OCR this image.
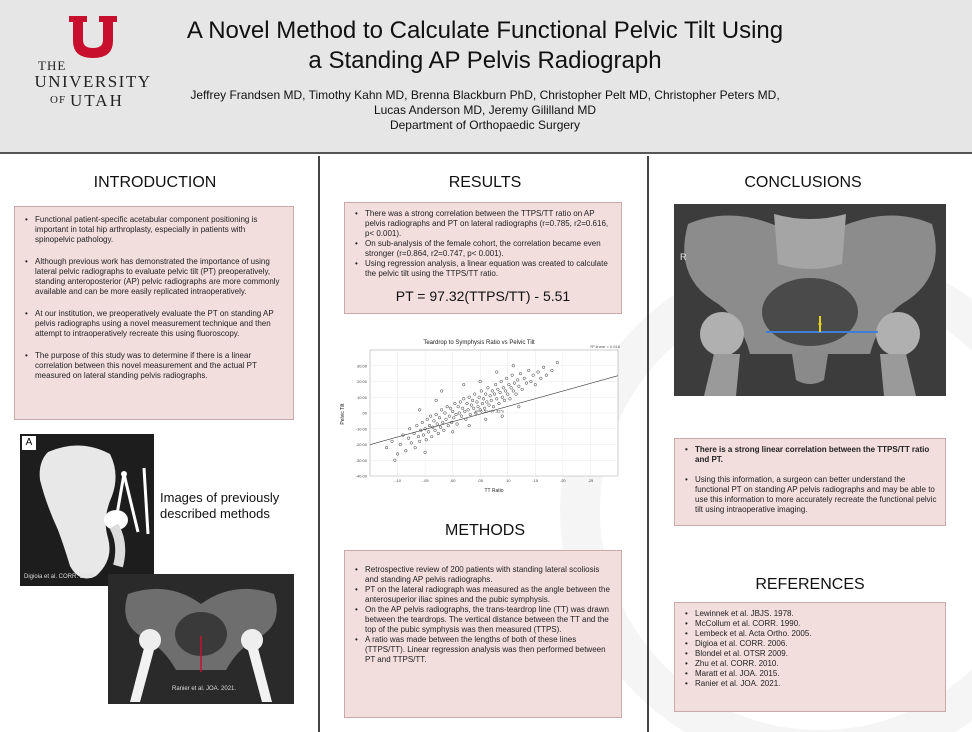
THE
UNIVERSITY
OF UTAH
A Novel Method to Calculate Functional Pelvic Tilt Using
a Standing AP Pelvis Radiograph
Jeffrey Frandsen MD, Timothy Kahn MD, Brenna Blackburn PhD, Christopher Pelt MD, Christopher Peters MD,
Lucas Anderson MD, Jeremy Gililland MD
Department of Orthopaedic Surgery
INTRODUCTION
• Functional patient-specific acetabular component positioning is important in total hip arthroplasty, especially in patients with spinopelvic pathology.
• Although previous work has demonstrated the importance of using lateral pelvic radiographs to evaluate pelvic tilt (PT) preoperatively, standing anteroposterior (AP) pelvic radiographs are more commonly available and can be more easily replicated intraoperatively.
• At our institution, we preoperatively evaluate the PT on standing AP pelvis radiographs using a novel measurement technique and then attempt to intraoperatively recreate this using fluoroscopy.
• The purpose of this study was to determine if there is a linear correlation between this novel measurement and the actual PT measured on lateral standing pelvis radiographs.
A
Digioia et al. CORR. 2006
Images of previously
described methods
Ranier et al. JOA. 2021.
RESULTS
• There was a strong correlation between the TTPS/TT ratio on AP pelvis radiographs and PT on lateral radiographs (r=0.785, r2=0.616, p< 0.001).
• On sub-analysis of the female cohort, the correlation became even stronger (r=0.864, r2=0.747, p< 0.001).
• Using regression analysis, a linear equation was created to calculate the pelvic tilt using the TTPS/TT ratio.
PT = 97.32(TTPS/TT) - 5.51
Teardrop to Symphysis Ratio vs Pelvic Tilt
R² linear = 0.616
30.00
20.00
10.00
.00
-10.00
-20.00
-30.00
-40.00
-.10	-.05	.00	.05	.10	.15	.20	.25
y=-5.51+97.32*x
TT Ratio
Pelvic Tilt
METHODS
• Retrospective review of 200 patients with standing lateral scoliosis and standing AP pelvis radiographs.
• PT on the lateral radiograph was measured as the angle between the anterosuperior iliac spines and the pubic symphysis.
• On the AP pelvis radiographs, the trans-teardrop line (TT) was drawn between the teardrops. The vertical distance between the TT and the top of the pubic symphysis was then measured (TTPS).
• A ratio was made between the lengths of both of these lines (TTPS/TT). Linear regression analysis was then performed between PT and TTPS/TT.
CONCLUSIONS
R
• There is a strong linear correlation between the TTPS/TT ratio and PT.
• Using this information, a surgeon can better understand the functional PT on standing AP pelvis radiographs and may be able to use this information to more accurately recreate the functional pelvic tilt using intraoperative imaging.
REFERENCES
• Lewinnek et al. JBJS. 1978.
• McCollum et al. CORR. 1990.
• Lembeck et al. Acta Ortho. 2005.
• Digioa et al. CORR. 2006.
• Blondel et al. OTSR 2009.
• Zhu et al. CORR. 2010.
• Maratt et al. JOA. 2015.
• Ranier et al. JOA. 2021.
